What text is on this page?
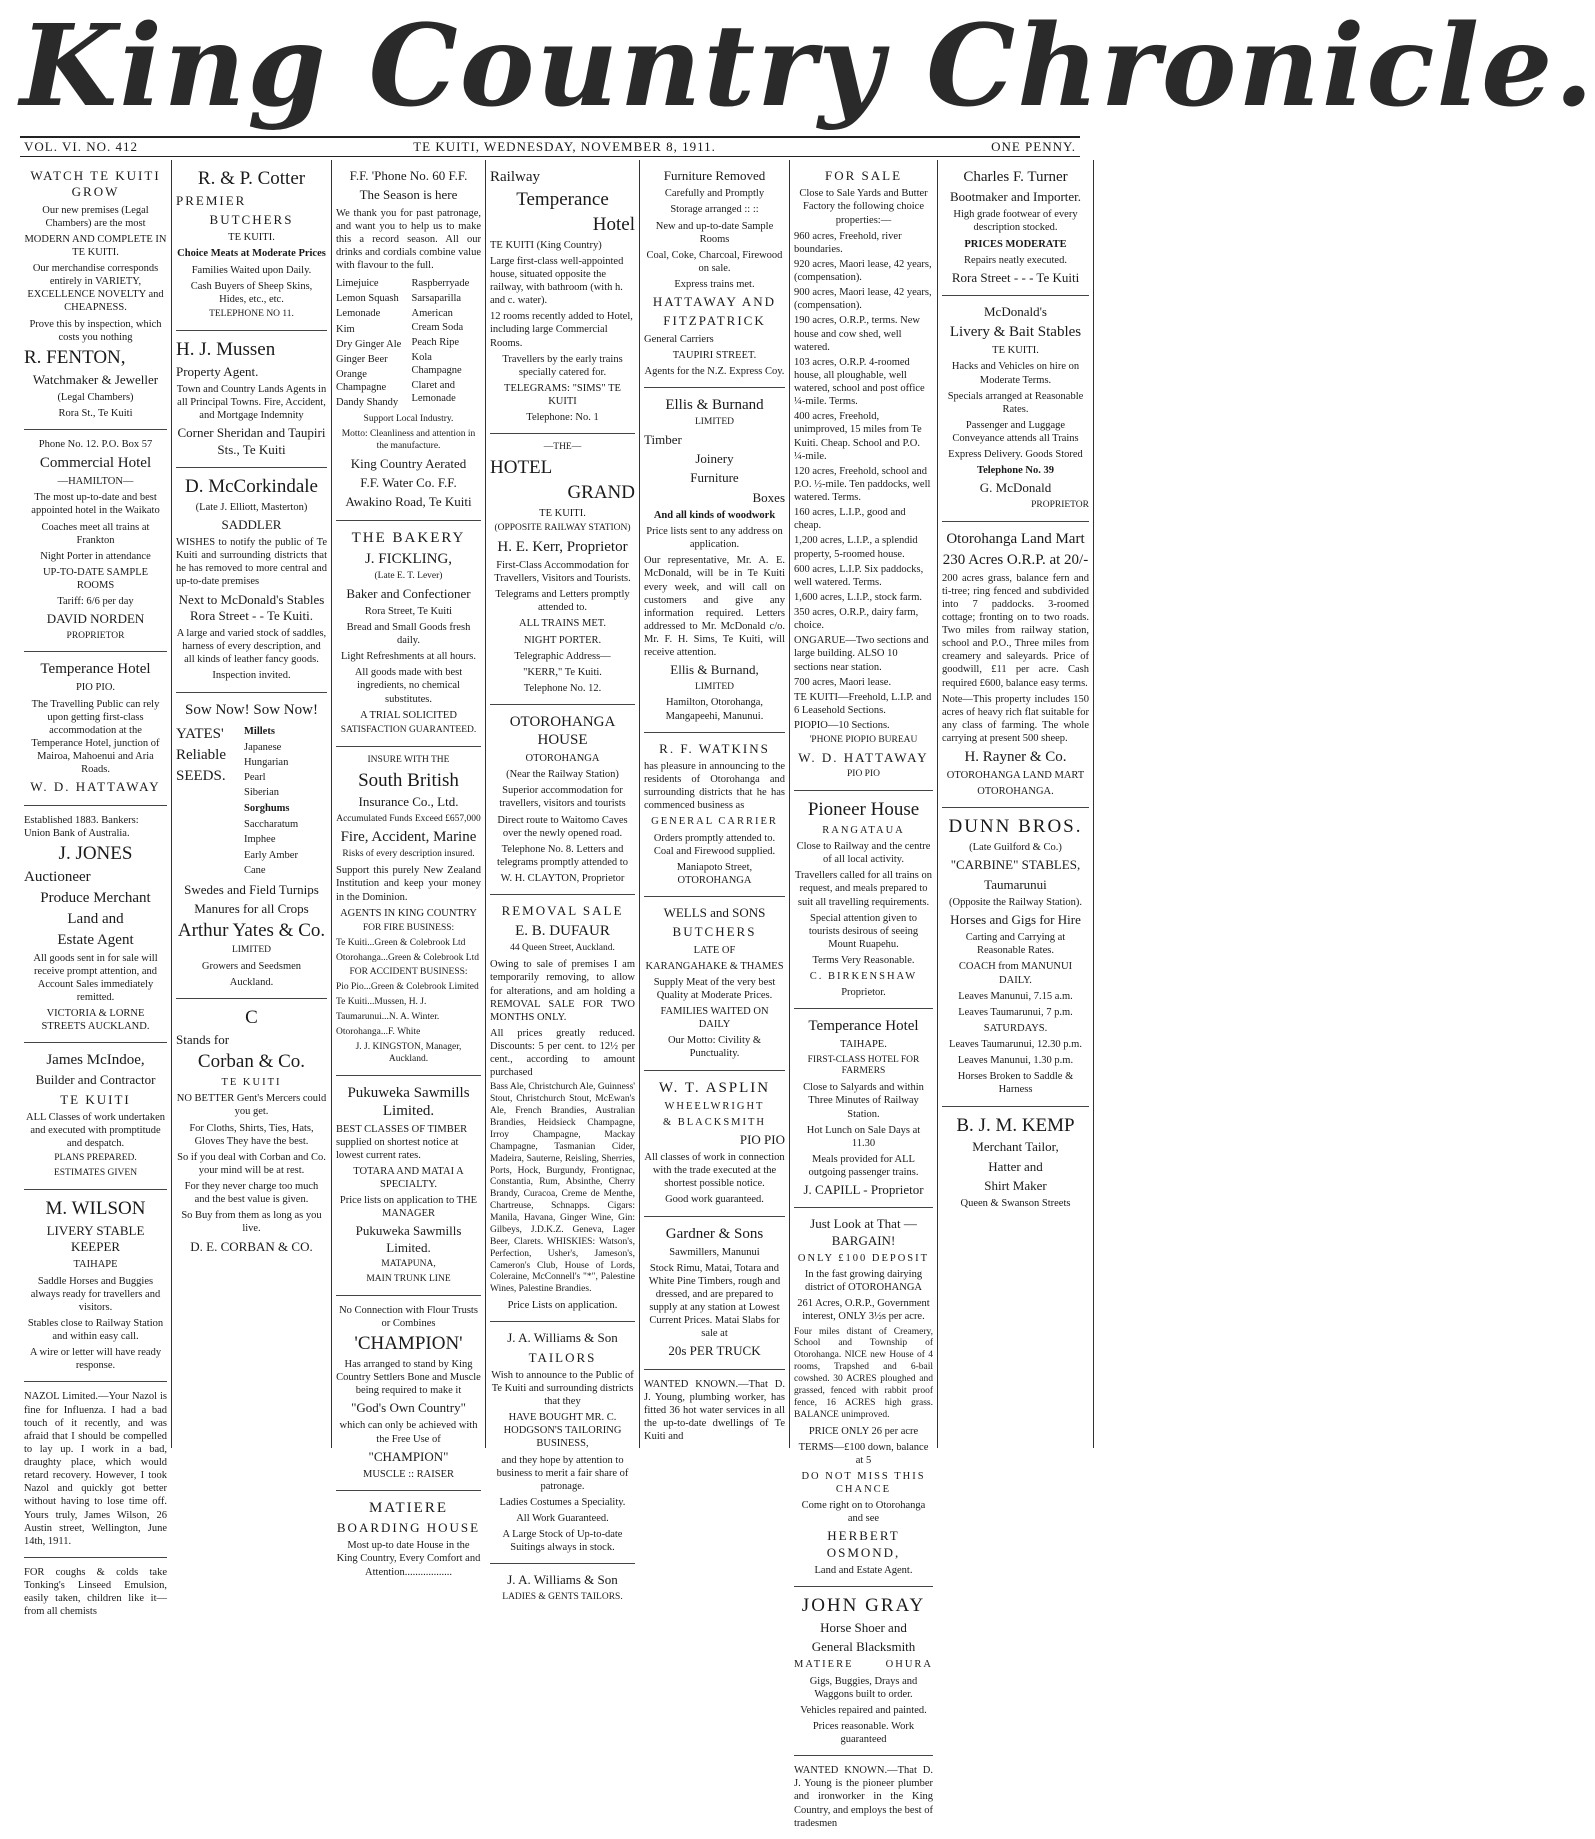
King Country Chronicle.
VOL. VI. NO. 412	TE KUITI, WEDNESDAY, NOVEMBER 8, 1911.	ONE PENNY.

WATCH TE KUITI GROW

Our new premises (Legal Chambers) are the most

MODERN AND COMPLETE IN TE KUITI.

Our merchandise corresponds entirely in VARIETY, EXCELLENCE NOVELTY and CHEAPNESS.

Prove this by inspection, which costs you nothing

R. FENTON,

Watchmaker & Jeweller

(Legal Chambers)

Rora St., Te Kuiti

Phone No. 12. P.O. Box 57

Commercial Hotel

—HAMILTON—

The most up-to-date and best appointed hotel in the Waikato

Coaches meet all trains at Frankton

Night Porter in attendance

UP-TO-DATE SAMPLE ROOMS

Tariff: 6/6 per day

DAVID NORDEN

PROPRIETOR

Temperance Hotel

PIO PIO.

The Travelling Public can rely upon getting first-class accommodation at the Temperance Hotel, junction of Mairoa, Mahoenui and Aria Roads.

W. D. HATTAWAY

Established 1883. Bankers: Union Bank of Australia.

J. JONES

Auctioneer

Produce Merchant

Land and

Estate Agent

All goods sent in for sale will receive prompt attention, and Account Sales immediately remitted.

VICTORIA & LORNE STREETS AUCKLAND.

James McIndoe,

Builder and Contractor

TE KUITI

ALL Classes of work undertaken and executed with promptitude and despatch.

PLANS PREPARED.

ESTIMATES GIVEN

M. WILSON

LIVERY STABLE KEEPER

TAIHAPE

Saddle Horses and Buggies always ready for travellers and visitors.

Stables close to Railway Station and within easy call.

A wire or letter will have ready response.

NAZOL Limited.—Your Nazol is fine for Influenza. I had a bad touch of it recently, and was afraid that I should be compelled to lay up. I work in a bad, draughty place, which would retard recovery. However, I took Nazol and quickly got better without having to lose time off. Yours truly, James Wilson, 26 Austin street, Wellington, June 14th, 1911.

FOR coughs & colds take Tonking's Linseed Emulsion, easily taken, children like it—from all chemists

R. & P. Cotter

PREMIER

BUTCHERS

TE KUITI.

Choice Meats at Moderate Prices

Families Waited upon Daily.

Cash Buyers of Sheep Skins, Hides, etc., etc.

TELEPHONE NO 11.

H. J. Mussen

Property Agent.

Town and Country Lands Agents in all Principal Towns. Fire, Accident, and Mortgage Indemnity

Corner Sheridan and Taupiri Sts., Te Kuiti

D. McCorkindale

(Late J. Elliott, Masterton)

SADDLER

WISHES to notify the public of Te Kuiti and surrounding districts that he has removed to more central and up-to-date premises

Next to McDonald's Stables Rora Street - - Te Kuiti.

A large and varied stock of saddles, harness of every description, and all kinds of leather fancy goods.

Inspection invited.

Sow Now! Sow Now!

YATES'

Reliable

SEEDS.

Millets

Japanese
Hungarian
Pearl
Siberian

Sorghums

Saccharatum
Imphee
Early Amber
Cane

Swedes and Field Turnips

Manures for all Crops

Arthur Yates & Co.

LIMITED

Growers and Seedsmen

Auckland.

C

Stands for

Corban & Co.

TE KUITI

NO BETTER Gent's Mercers could you get.

For Cloths, Shirts, Ties, Hats, Gloves They have the best.

So if you deal with Corban and Co. your mind will be at rest.

For they never charge too much and the best value is given.

So Buy from them as long as you live.

D. E. CORBAN & CO.

F.F. 'Phone No. 60 F.F.

The Season is here

We thank you for past patronage, and want you to help us to make this a record season. All our drinks and cordials combine value with flavour to the full.

Limejuice
Lemon Squash
Lemonade
Kim
Dry Ginger Ale
Ginger Beer
Orange Champagne
Dandy Shandy
Raspberryade
Sarsaparilla
American Cream Soda
Peach Ripe
Kola Champagne
Claret and Lemonade

Support Local Industry.

Motto: Cleanliness and attention in the manufacture.

King Country Aerated

F.F. Water Co. F.F.

Awakino Road, Te Kuiti

THE BAKERY

J. FICKLING,

(Late E. T. Lever)

Baker and Confectioner

Rora Street, Te Kuiti

Bread and Small Goods fresh daily.

Light Refreshments at all hours.

All goods made with best ingredients, no chemical substitutes.

A TRIAL SOLICITED

SATISFACTION GUARANTEED.

INSURE WITH THE

South British

Insurance Co., Ltd.

Accumulated Funds Exceed £657,000

Fire, Accident, Marine

Risks of every description insured.

Support this purely New Zealand Institution and keep your money in the Dominion.

AGENTS IN KING COUNTRY

FOR FIRE BUSINESS:

Te Kuiti...Green & Colebrook Ltd

Otorohanga...Green & Colebrook Ltd

FOR ACCIDENT BUSINESS:

Pio Pio...Green & Colebrook Limited

Te Kuiti...Mussen, H. J.

Taumarunui...N. A. Winter.

Otorohanga...F. White

J. J. KINGSTON, Manager, Auckland.

Pukuweka Sawmills Limited.

BEST CLASSES OF TIMBER supplied on shortest notice at lowest current rates.

TOTARA AND MATAI A SPECIALTY.

Price lists on application to THE MANAGER

Pukuweka Sawmills Limited.

MATAPUNA,

MAIN TRUNK LINE

No Connection with Flour Trusts or Combines

'CHAMPION'

Has arranged to stand by King Country Settlers Bone and Muscle being required to make it

"God's Own Country"

which can only be achieved with the Free Use of

"CHAMPION"

MUSCLE :: RAISER

MATIERE

BOARDING HOUSE

Most up-to date House in the King Country, Every Comfort and Attention..................

Railway

Temperance

Hotel

TE KUITI (King Country)

Large first-class well-appointed house, situated opposite the railway, with bathroom (with h. and c. water).

12 rooms recently added to Hotel, including large Commercial Rooms.

Travellers by the early trains specially catered for.

TELEGRAMS: "SIMS" TE KUITI

Telephone: No. 1

—THE—

HOTEL

GRAND

TE KUITI.

(OPPOSITE RAILWAY STATION)

H. E. Kerr, Proprietor

First-Class Accommodation for Travellers, Visitors and Tourists.

Telegrams and Letters promptly attended to.

ALL TRAINS MET.

NIGHT PORTER.

Telegraphic Address—

"KERR," Te Kuiti.

Telephone No. 12.

OTOROHANGA HOUSE

OTOROHANGA

(Near the Railway Station)

Superior accommodation for travellers, visitors and tourists

Direct route to Waitomo Caves over the newly opened road.

Telephone No. 8. Letters and telegrams promptly attended to

W. H. CLAYTON, Proprietor

REMOVAL SALE

E. B. DUFAUR

44 Queen Street, Auckland.

Owing to sale of premises I am temporarily removing, to allow for alterations, and am holding a REMOVAL SALE FOR TWO MONTHS ONLY.

All prices greatly reduced. Discounts: 5 per cent. to 12½ per cent., according to amount purchased

Bass Ale, Christchurch Ale, Guinness' Stout, Christchurch Stout, McEwan's Ale, French Brandies, Australian Brandies, Heidsieck Champagne, Irroy Champagne, Mackay Champagne, Tasmanian Cider, Madeira, Sauterne, Reisling, Sherries, Ports, Hock, Burgundy, Frontignac, Constantia, Rum, Absinthe, Cherry Brandy, Curacoa, Creme de Menthe, Chartreuse, Schnapps. Cigars: Manila, Havana, Ginger Wine, Gin: Gilbeys, J.D.K.Z. Geneva, Lager Beer, Clarets. WHISKIES: Watson's, Perfection, Usher's, Jameson's, Cameron's Club, House of Lords, Coleraine, McConnell's "*", Palestine Wines, Palestine Brandies.

Price Lists on application.

J. A. Williams & Son

TAILORS

Wish to announce to the Public of Te Kuiti and surrounding districts that they

HAVE BOUGHT MR. C. HODGSON'S TAILORING BUSINESS,

and they hope by attention to business to merit a fair share of patronage.

Ladies Costumes a Speciality.

All Work Guaranteed.

A Large Stock of Up-to-date Suitings always in stock.

J. A. Williams & Son

LADIES & GENTS TAILORS.

Furniture Removed

Carefully and Promptly

Storage arranged :: ::

New and up-to-date Sample Rooms

Coal, Coke, Charcoal, Firewood on sale.

Express trains met.

HATTAWAY AND

FITZPATRICK

General Carriers

TAUPIRI STREET.

Agents for the N.Z. Express Coy.

Ellis & Burnand

LIMITED

Timber

Joinery

Furniture

Boxes

And all kinds of woodwork

Price lists sent to any address on application.

Our representative, Mr. A. E. McDonald, will be in Te Kuiti every week, and will call on customers and give any information required. Letters addressed to Mr. McDonald c/o. Mr. F. H. Sims, Te Kuiti, will receive attention.

Ellis & Burnand,

LIMITED

Hamilton, Otorohanga, Mangapeehi, Manunui.

R. F. WATKINS

has pleasure in announcing to the residents of Otorohanga and surrounding districts that he has commenced business as

GENERAL CARRIER

Orders promptly attended to. Coal and Firewood supplied.

Maniapoto Street, OTOROHANGA

WELLS and SONS

BUTCHERS

LATE OF

KARANGAHAKE & THAMES

Supply Meat of the very best Quality at Moderate Prices.

FAMILIES WAITED ON DAILY

Our Motto: Civility & Punctuality.

W. T. ASPLIN

WHEELWRIGHT

& BLACKSMITH

PIO PIO

All classes of work in connection with the trade executed at the shortest possible notice.

Good work guaranteed.

Gardner & Sons

Sawmillers, Manunui

Stock Rimu, Matai, Totara and White Pine Timbers, rough and dressed, and are prepared to supply at any station at Lowest Current Prices. Matai Slabs for sale at

20s PER TRUCK

WANTED KNOWN.—That D. J. Young, plumbing worker, has fitted 36 hot water services in all the up-to-date dwellings of Te Kuiti and

FOR SALE

Close to Sale Yards and Butter Factory the following choice properties:—

960 acres, Freehold, river boundaries.
920 acres, Maori lease, 42 years, (compensation).
900 acres, Maori lease, 42 years, (compensation).
190 acres, O.R.P., terms. New house and cow shed, well watered.
103 acres, O.R.P. 4-roomed house, all ploughable, well watered, school and post office ¼-mile. Terms.
400 acres, Freehold, unimproved, 15 miles from Te Kuiti. Cheap. School and P.O. ¼-mile.
120 acres, Freehold, school and P.O. ½-mile. Ten paddocks, well watered. Terms.
160 acres, L.I.P., good and cheap.
1,200 acres, L.I.P., a splendid property, 5-roomed house.
600 acres, L.I.P. Six paddocks, well watered. Terms.
1,600 acres, L.I.P., stock farm.
350 acres, O.R.P., dairy farm, choice.
ONGARUE—Two sections and large building. ALSO 10 sections near station.
700 acres, Maori lease.
TE KUITI—Freehold, L.I.P. and 6 Leasehold Sections.
PIOPIO—10 Sections.

'PHONE PIOPIO BUREAU

W. D. HATTAWAY

PIO PIO

Pioneer House

RANGATAUA

Close to Railway and the centre of all local activity.

Travellers called for all trains on request, and meals prepared to suit all travelling requirements.

Special attention given to tourists desirous of seeing Mount Ruapehu.

Terms Very Reasonable.

C. BIRKENSHAW

Proprietor.

Temperance Hotel

TAIHAPE.

FIRST-CLASS HOTEL FOR FARMERS

Close to Salyards and within Three Minutes of Railway Station.

Hot Lunch on Sale Days at 11.30

Meals provided for ALL outgoing passenger trains.

J. CAPILL - Proprietor

Just Look at That — BARGAIN!

ONLY £100 DEPOSIT

In the fast growing dairying district of OTOROHANGA

261 Acres, O.R.P., Government interest, ONLY 3½s per acre.

Four miles distant of Creamery, School and Township of Otorohanga. NICE new House of 4 rooms, Trapshed and 6-bail cowshed. 30 ACRES ploughed and grassed, fenced with rabbit proof fence, 16 ACRES high grass. BALANCE unimproved.

PRICE ONLY 26 per acre

TERMS—£100 down, balance at 5

DO NOT MISS THIS CHANCE

Come right on to Otorohanga and see

HERBERT OSMOND,

Land and Estate Agent.

JOHN GRAY

Horse Shoer and

General Blacksmith

MATIERE	OHURA

Gigs, Buggies, Drays and Waggons built to order.

Vehicles repaired and painted.

Prices reasonable. Work guaranteed

WANTED KNOWN.—That D. J. Young is the pioneer plumber and ironworker in the King Country, and employs the best of tradesmen

Charles F. Turner

Bootmaker and Importer.

High grade footwear of every description stocked.

PRICES MODERATE

Repairs neatly executed.

Rora Street - - - Te Kuiti

McDonald's

Livery & Bait Stables

TE KUITI.

Hacks and Vehicles on hire on Moderate Terms.

Specials arranged at Reasonable Rates.

Passenger and Luggage Conveyance attends all Trains

Express Delivery. Goods Stored

Telephone No. 39

G. McDonald

PROPRIETOR

Otorohanga Land Mart

230 Acres O.R.P. at 20/-

200 acres grass, balance fern and ti-tree; ring fenced and subdivided into 7 paddocks. 3-roomed cottage; fronting on to two roads. Two miles from railway station, school and P.O., Three miles from creamery and saleyards. Price of goodwill, £11 per acre. Cash required £600, balance easy terms.

Note—This property includes 150 acres of heavy rich flat suitable for any class of farming. The whole carrying at present 500 sheep.

H. Rayner & Co.

OTOROHANGA LAND MART

OTOROHANGA.

DUNN BROS.

(Late Guilford & Co.)

"CARBINE" STABLES,

Taumarunui

(Opposite the Railway Station).

Horses and Gigs for Hire

Carting and Carrying at Reasonable Rates.

COACH from MANUNUI DAILY.

Leaves Manunui, 7.15 a.m.

Leaves Taumarunui, 7 p.m.

SATURDAYS.

Leaves Taumarunui, 12.30 p.m.

Leaves Manunui, 1.30 p.m.

Horses Broken to Saddle & Harness

B. J. M. KEMP

Merchant Tailor,

Hatter and

Shirt Maker

Queen & Swanson Streets
